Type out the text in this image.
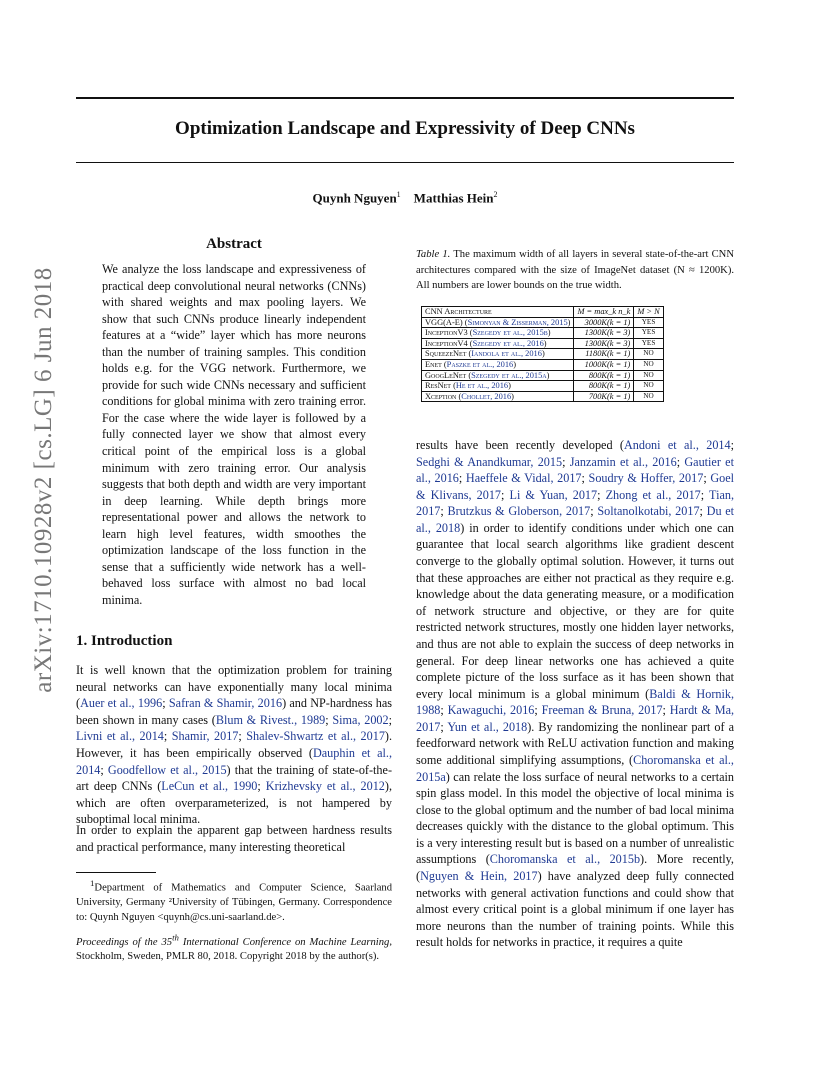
Optimization Landscape and Expressivity of Deep CNNs
Quynh Nguyen$^1$ Matthias Hein$^2$
arXiv:1710.10928v2 [cs.LG] 6 Jun 2018
Abstract
We analyze the loss landscape and expressiveness of practical deep convolutional neural networks (CNNs) with shared weights and max pooling layers. We show that such CNNs produce linearly independent features at a “wide” layer which has more neurons than the number of training samples. This condition holds e.g. for the VGG network. Furthermore, we provide for such wide CNNs necessary and sufficient conditions for global minima with zero training error. For the case where the wide layer is followed by a fully connected layer we show that almost every critical point of the empirical loss is a global minimum with zero training error. Our analysis suggests that both depth and width are very important in deep learning. While depth brings more representational power and allows the network to learn high level features, width smoothes the optimization landscape of the loss function in the sense that a sufficiently wide network has a well-behaved loss surface with almost no bad local minima.
1. Introduction
It is well known that the optimization problem for training neural networks can have exponentially many local minima (Auer et al., 1996; Safran & Shamir, 2016) and NP-hardness has been shown in many cases (Blum & Rivest., 1989; Sima, 2002; Livni et al., 2014; Shamir, 2017; Shalev-Shwartz et al., 2017). However, it has been empirically observed (Dauphin et al., 2014; Goodfellow et al., 2015) that the training of state-of-the-art deep CNNs (LeCun et al., 1990; Krizhevsky et al., 2012), which are often overparameterized, is not hampered by suboptimal local minima.
In order to explain the apparent gap between hardness results and practical performance, many interesting theoretical
$^1$Department of Mathematics and Computer Science, Saarland University, Germany ²University of Tübingen, Germany. Correspondence to: Quynh Nguyen <quynh@cs.uni-saarland.de>.
Proceedings of the 35th International Conference on Machine Learning, Stockholm, Sweden, PMLR 80, 2018. Copyright 2018 by the author(s).
Table 1. The maximum width of all layers in several state-of-the-art CNN architectures compared with the size of ImageNet dataset (N ≈ 1200K). All numbers are lower bounds on the true width.
CNN Architecture	M = max_k n_k	M > N
VGG(A-E) (Simonyan & Zisserman, 2015)	3000K(k = 1)	YES
InceptionV3 (Szegedy et al., 2015b)	1300K(k = 3)	YES
InceptionV4 (Szegedy et al., 2016)	1300K(k = 3)	YES
SqueezeNet (Iandola et al., 2016)	1180K(k = 1)	NO
Enet (Paszke et al., 2016)	1000K(k = 1)	NO
GoogLeNet (Szegedy et al., 2015a)	800K(k = 1)	NO
ResNet (He et al., 2016)	800K(k = 1)	NO
Xception (Chollet, 2016)	700K(k = 1)	NO
results have been recently developed (Andoni et al., 2014; Sedghi & Anandkumar, 2015; Janzamin et al., 2016; Gautier et al., 2016; Haeffele & Vidal, 2017; Soudry & Hoffer, 2017; Goel & Klivans, 2017; Li & Yuan, 2017; Zhong et al., 2017; Tian, 2017; Brutzkus & Globerson, 2017; Soltanolkotabi, 2017; Du et al., 2018) in order to identify conditions under which one can guarantee that local search algorithms like gradient descent converge to the globally optimal solution. However, it turns out that these approaches are either not practical as they require e.g. knowledge about the data generating measure, or a modification of network structure and objective, or they are for quite restricted network structures, mostly one hidden layer networks, and thus are not able to explain the success of deep networks in general. For deep linear networks one has achieved a quite complete picture of the loss surface as it has been shown that every local minimum is a global minimum (Baldi & Hornik, 1988; Kawaguchi, 2016; Freeman & Bruna, 2017; Hardt & Ma, 2017; Yun et al., 2018). By randomizing the nonlinear part of a feedforward network with ReLU activation function and making some additional simplifying assumptions, (Choromanska et al., 2015a) can relate the loss surface of neural networks to a certain spin glass model. In this model the objective of local minima is close to the global optimum and the number of bad local minima decreases quickly with the distance to the global optimum. This is a very interesting result but is based on a number of unrealistic assumptions (Choromanska et al., 2015b). More recently, (Nguyen & Hein, 2017) have analyzed deep fully connected networks with general activation functions and could show that almost every critical point is a global minimum if one layer has more neurons than the number of training points. While this result holds for networks in practice, it requires a quite
